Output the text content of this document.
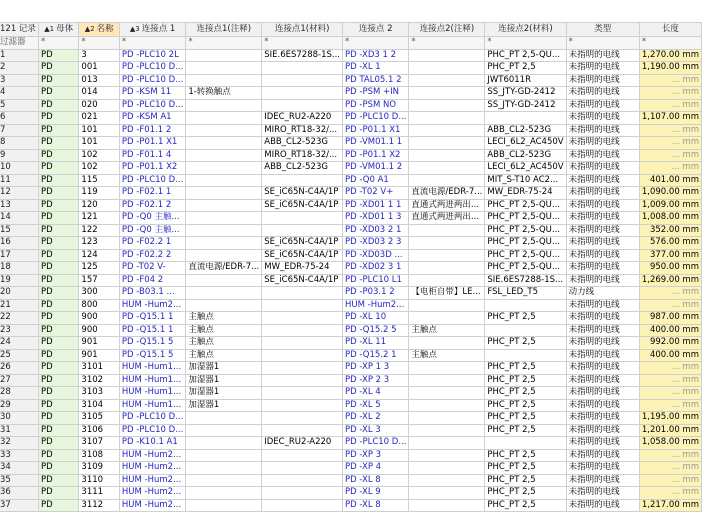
121 记录	▲1 母体	▲2 名称	▲3 连接点 1	连接点1(注释)	连接点1(材料)	连接点 2	连接点2(注释)	连接点2(材料)	类型	长度
过滤器	*	*	*	*	*	*	*	*	*	*
1	PD	3	PD -PLC10 2L		SIE.6ES7288-1S...	PD -XD3 1 2		PHC_PT 2,5-QU...	未指明的电线	1,270.00 mm
2	PD	001	PD -PLC10 D...			PD -XL 1		PHC_PT 2,5	未指明的电线	1,190.00 mm
3	PD	013	PD -PLC10 D...			PD TAL05.1 2		JWT6011R	未指明的电线	... mm
4	PD	014	PD -KSM 11	1-转换触点		PD -PSM +IN		SS_JTY-GD-2412	未指明的电线	... mm
5	PD	020	PD -PLC10 D...			PD -PSM NO		SS_JTY-GD-2412	未指明的电线	... mm
6	PD	021	PD -KSM A1		IDEC_RU2-A220	PD -PLC10 D...			未指明的电线	1,107.00 mm
7	PD	101	PD -F01.1 2		MIRO_RT18-32/...	PD -P01.1 X1		ABB_CL2-523G	未指明的电线	... mm
8	PD	101	PD -P01.1 X1		ABB_CL2-523G	PD -VM01.1 1		LECI_6L2_AC450V	未指明的电线	... mm
9	PD	102	PD -F01.1 4		MIRO_RT18-32/...	PD -P01.1 X2		ABB_CL2-523G	未指明的电线	... mm
10	PD	102	PD -P01.1 X2		ABB_CL2-523G	PD -VM01.1 2		LECI_6L2_AC450V	未指明的电线	... mm
11	PD	115	PD -PLC10 D...			PD -Q0 A1		MIT_S-T10 AC2...	未指明的电线	401.00 mm
12	PD	119	PD -F02.1 1		SE_iC65N-C4A/1P	PD -T02 V+	直流电源/EDR-7...	MW_EDR-75-24	未指明的电线	1,090.00 mm
13	PD	120	PD -F02.1 2		SE_iC65N-C4A/1P	PD -XD01 1 1	直通式两进两出...	PHC_PT 2,5-QU...	未指明的电线	1,009.00 mm
14	PD	121	PD -Q0 主触...			PD -XD01 1 3	直通式两进两出...	PHC_PT 2,5-QU...	未指明的电线	1,008.00 mm
15	PD	122	PD -Q0 主触...			PD -XD03 2 1		PHC_PT 2,5-QU...	未指明的电线	352.00 mm
16	PD	123	PD -F02.2 1		SE_iC65N-C4A/1P	PD -XD03 2 3		PHC_PT 2,5-QU...	未指明的电线	576.00 mm
17	PD	124	PD -F02.2 2		SE_iC65N-C4A/1P	PD -XD03D ...		PHC_PT 2,5-QU...	未指明的电线	377.00 mm
18	PD	125	PD -T02 V-	直流电源/EDR-7...	MW_EDR-75-24	PD -XD02 3 1		PHC_PT 2,5-QU...	未指明的电线	950.00 mm
19	PD	157	PD -F04 2		SE_iC65N-C4A/1P	PD -PLC10 L1		SIE.6ES7288-1S...	未指明的电线	1,269.00 mm
20	PD	300	PD -B03.1 ...			PD -P03.1 2	【电柜自带】LE...	FSL_LED_T5	动力线	... mm
21	PD	800	HUM -Hum2...			HUM -Hum2...			未指明的电线	... mm
22	PD	900	PD -Q15.1 1	主触点		PD -XL 10		PHC_PT 2,5	未指明的电线	987.00 mm
23	PD	900	PD -Q15.1 1	主触点		PD -Q15.2 5	主触点		未指明的电线	400.00 mm
24	PD	901	PD -Q15.1 5	主触点		PD -XL 11		PHC_PT 2,5	未指明的电线	992.00 mm
25	PD	901	PD -Q15.1 5	主触点		PD -Q15.2 1	主触点		未指明的电线	400.00 mm
26	PD	3101	HUM -Hum1...	加湿器1		PD -XP 1 3		PHC_PT 2,5	未指明的电线	... mm
27	PD	3102	HUM -Hum1...	加湿器1		PD -XP 2 3		PHC_PT 2,5	未指明的电线	... mm
28	PD	3103	HUM -Hum1...	加湿器1		PD -XL 4		PHC_PT 2,5	未指明的电线	... mm
29	PD	3104	HUM -Hum1...	加湿器1		PD -XL 5		PHC_PT 2,5	未指明的电线	... mm
30	PD	3105	PD -PLC10 D...			PD -XL 2		PHC_PT 2,5	未指明的电线	1,195.00 mm
31	PD	3106	PD -PLC10 D...			PD -XL 3		PHC_PT 2,5	未指明的电线	1,201.00 mm
32	PD	3107	PD -K10.1 A1		IDEC_RU2-A220	PD -PLC10 D...			未指明的电线	1,058.00 mm
33	PD	3108	HUM -Hum2...			PD -XP 3		PHC_PT 2,5	未指明的电线	... mm
34	PD	3109	HUM -Hum2...			PD -XP 4		PHC_PT 2,5	未指明的电线	... mm
35	PD	3110	HUM -Hum2...			PD -XL 8		PHC_PT 2,5	未指明的电线	... mm
36	PD	3111	HUM -Hum2...			PD -XL 9		PHC_PT 2,5	未指明的电线	... mm
37	PD	3112	HUM -Hum2...			PD -XL 8		PHC_PT 2,5	未指明的电线	1,217.00 mm
